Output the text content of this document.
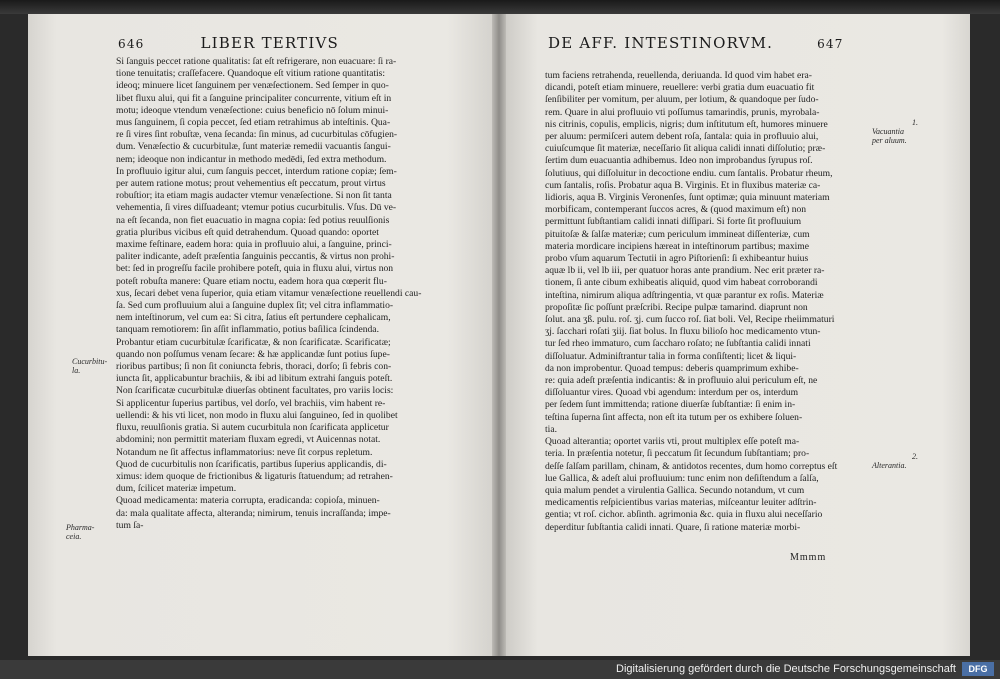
646	LIBER TERTIVS	DE AFF. INTESTINORVM.	647
Si ſanguis peccet ratione qualitatis: ſat eſt refrigerare, non euacuare: ſi ra-
tione tenuitatis; craſſefacere. Quandoque eſt vitium ratione quantitatis:
ideoq; minuere licet ſanguinem per venæſectionem. Sed ſemper in quo-
libet fluxu alui, qui fit a ſanguine principaliter concurrente, vitium eſt in
motu; ideoque vtendum venæſectione: cuius beneficio nō ſolum minui-
mus ſanguinem, ſi copia peccet, ſed etiam retrahimus ab inteſtinis. Qua-
re ſi vires ſint robuſtæ, vena ſecanda: ſin minus, ad cucurbitulas cōfugien-
dum. Venæſectio & cucurbitulæ, ſunt materiæ remedii vacuantis ſangui-
nem; ideoque non indicantur in methodo medēdi, ſed extra methodum.
In profluuio igitur alui, cum ſanguis peccet, interdum ratione copiæ; ſem-
per autem ratione motus; prout vehementius eſt peccatum, prout virtus
robuſtior; ita etiam magis audacter vtemur venæſectione. Si non ſit tanta
vehementia, ſi vires diſſuadeant; vtemur potius cucurbitulis. Vſus. Dū ve-
na eſt ſecanda, non fiet euacuatio in magna copia: ſed potius reuulſionis
gratia pluribus vicibus eſt quid detrahendum. Quoad quando: oportet
maxime feſtinare, eadem hora: quia in profluuio alui, a ſanguine, princi-
paliter indicante, adeſt præſentia ſanguinis peccantis, & virtus non prohi-
bet: ſed in progreſſu facile prohibere poteſt, quia in fluxu alui, virtus non
poteſt robuſta manere: Quare etiam noctu, eadem hora qua cœperit flu-
xus, ſecari debet vena ſuperior, quia etiam vitamur venæſectione reuellendi cau-
ſa. Sed cum profluuium alui a ſanguine duplex ſit; vel citra inflammatio-
nem inteſtinorum, vel cum ea: Si citra, ſatius eſt pertundere cephalicam,
tanquam remotiorem: ſin aſſit inflammatio, potius baſilica ſcindenda.
Probantur etiam cucurbitulæ ſcarificatæ, & non ſcarificatæ. Scarificatæ;
quando non poſſumus venam ſecare: & hæ applicandæ ſunt potius ſupe-
rioribus partibus; ſi non ſit coniuncta febris, thoraci, dorſo; ſi febris con-
iuncta ſit, applicabuntur brachiis, & ibi ad libitum extrahi ſanguis poteſt.
Non ſcarificatæ cucurbitulæ diuerſas obtinent facultates, pro variis locis:
Si applicentur ſuperius partibus, vel dorſo, vel brachiis, vim habent re-
uellendi: & his vti licet, non modo in fluxu alui ſanguineo, ſed in quolibet
fluxu, reuulſionis gratia. Si autem cucurbitula non ſcarificata applicetur
abdomini; non permittit materiam fluxam egredi, vt Auicennas notat.
Notandum ne ſit affectus inflammatorius: neve ſit corpus repletum.
Quod de cucurbitulis non ſcarificatis, partibus ſuperius applicandis, di-
ximus: idem quoque de frictionibus & ligaturis ſtatuendum; ad retrahen-
dum, ſcilicet materiæ impetum.
Quoad medicamenta: materia corrupta, eradicanda: copioſa, minuen-
da: mala qualitate affecta, alteranda; nimirum, tenuis incraſſanda; impe-
tum ſa-
tum faciens retrahenda, reuellenda, deriuanda. Id quod vim habet era-
dicandi, poteſt etiam minuere, reuellere: verbi gratia dum euacuatio fit
ſenſibiliter per vomitum, per aluum, per lotium, & quandoque per ſudo-
rem. Quare in alui profluuio vti poſſumus tamarindis, prunis, myrobala-
nis citrinis, copulis, emplicis, nigris; dum inſtitutum eſt, humores minuere
per aluum: permiſceri autem debent roſa, ſantala: quia in profluuio alui,
cuiuſcumque ſit materiæ, neceſſario ſit aliqua calidi innati diſſolutio; præ-
ſertim dum euacuantia adhibemus. Ideo non improbandus ſyrupus roſ.
ſolutiuus, qui diſſoluitur in decoctione endiu. cum ſantalis. Probatur rheum,
cum ſantalis, roſis. Probatur aqua B. Virginis. Et in fluxibus materiæ ca-
lidioris, aqua B. Virginis Veronenſes, ſunt optimæ; quia minuunt materiam
morbificam, contemperant ſuccos acres, & (quod maximum eſt) non
permittunt ſubſtantiam calidi innati diſſipari. Si forte ſit profluuium
pituitoſæ & ſalſæ materiæ; cum periculum immineat diſſenteriæ, cum
materia mordicare incipiens hæreat in inteſtinorum partibus; maxime
probo vſum aquarum Tectutii in agro Piſtorienſi: ſi exhibeantur huius
aquæ lb ii, vel lb iii, per quatuor horas ante prandium. Nec erit præter ra-
tionem, ſi ante cibum exhibeatis aliquid, quod vim habeat corroborandi
inteſtina, nimirum aliqua adſtringentia, vt quæ parantur ex roſis. Materiæ
propoſitæ ſic poſſunt præſcribi. Recipe pulpæ tamarind. diaprunt non
ſolut. ana ʒß. pulu. roſ. ʒj. cum ſucco roſ. ſiat boli. Vel, Recipe rheiimmaturi
ʒj. ſacchari roſati ʒiij. ſiat bolus. In fluxu bilioſo hoc medicamento vtun-
tur ſed rheo immaturo, cum ſaccharo roſato; ne ſubſtantia calidi innati
diſſoluatur. Adminiſtrantur talia in forma conſiſtenti; licet & liqui-
da non improbentur. Quoad tempus: deberis quamprimum exhibe-
re: quia adeſt præſentia indicantis: & in profluuio alui periculum eſt, ne
diſſoluantur vires. Quoad vbi agendum: interdum per os, interdum
per ſedem ſunt immittenda; ratione diuerſæ ſubſtantiæ: ſi enim in-
teſtina ſuperna ſint affecta, non eſt ita tutum per os exhibere ſoluen-
tia.
Quoad alterantia; oportet variis vti, prout multiplex eſſe poteſt ma-
teria. In præſentia notetur, ſi peccatum ſit ſecundum ſubſtantiam; pro-
deſſe ſalſam parillam, chinam, & antidotos recentes, dum homo correptus eſt
lue Gallica, & adeſt alui profluuium: tunc enim non deſiſtendum a ſalſa,
quia malum pendet a virulentia Gallica. Secundo notandum, vt cum
medicamentis reſpicientibus varias materias, miſceantur leuiter adſtrin-
gentia; vt roſ. cichor. abſinth. agrimonia &c. quia in fluxu alui neceſſario
deperditur ſubſtantia calidi innati. Quare, ſi ratione materiæ morbi-
Cucurbitu-
la.
Pharma-
ceia.
1.
Vacuantia
per aluum.
2.
Alterantia.
Mmmm
Digitalisierung gefördert durch die Deutsche Forschungsgemeinschaft	DFG
